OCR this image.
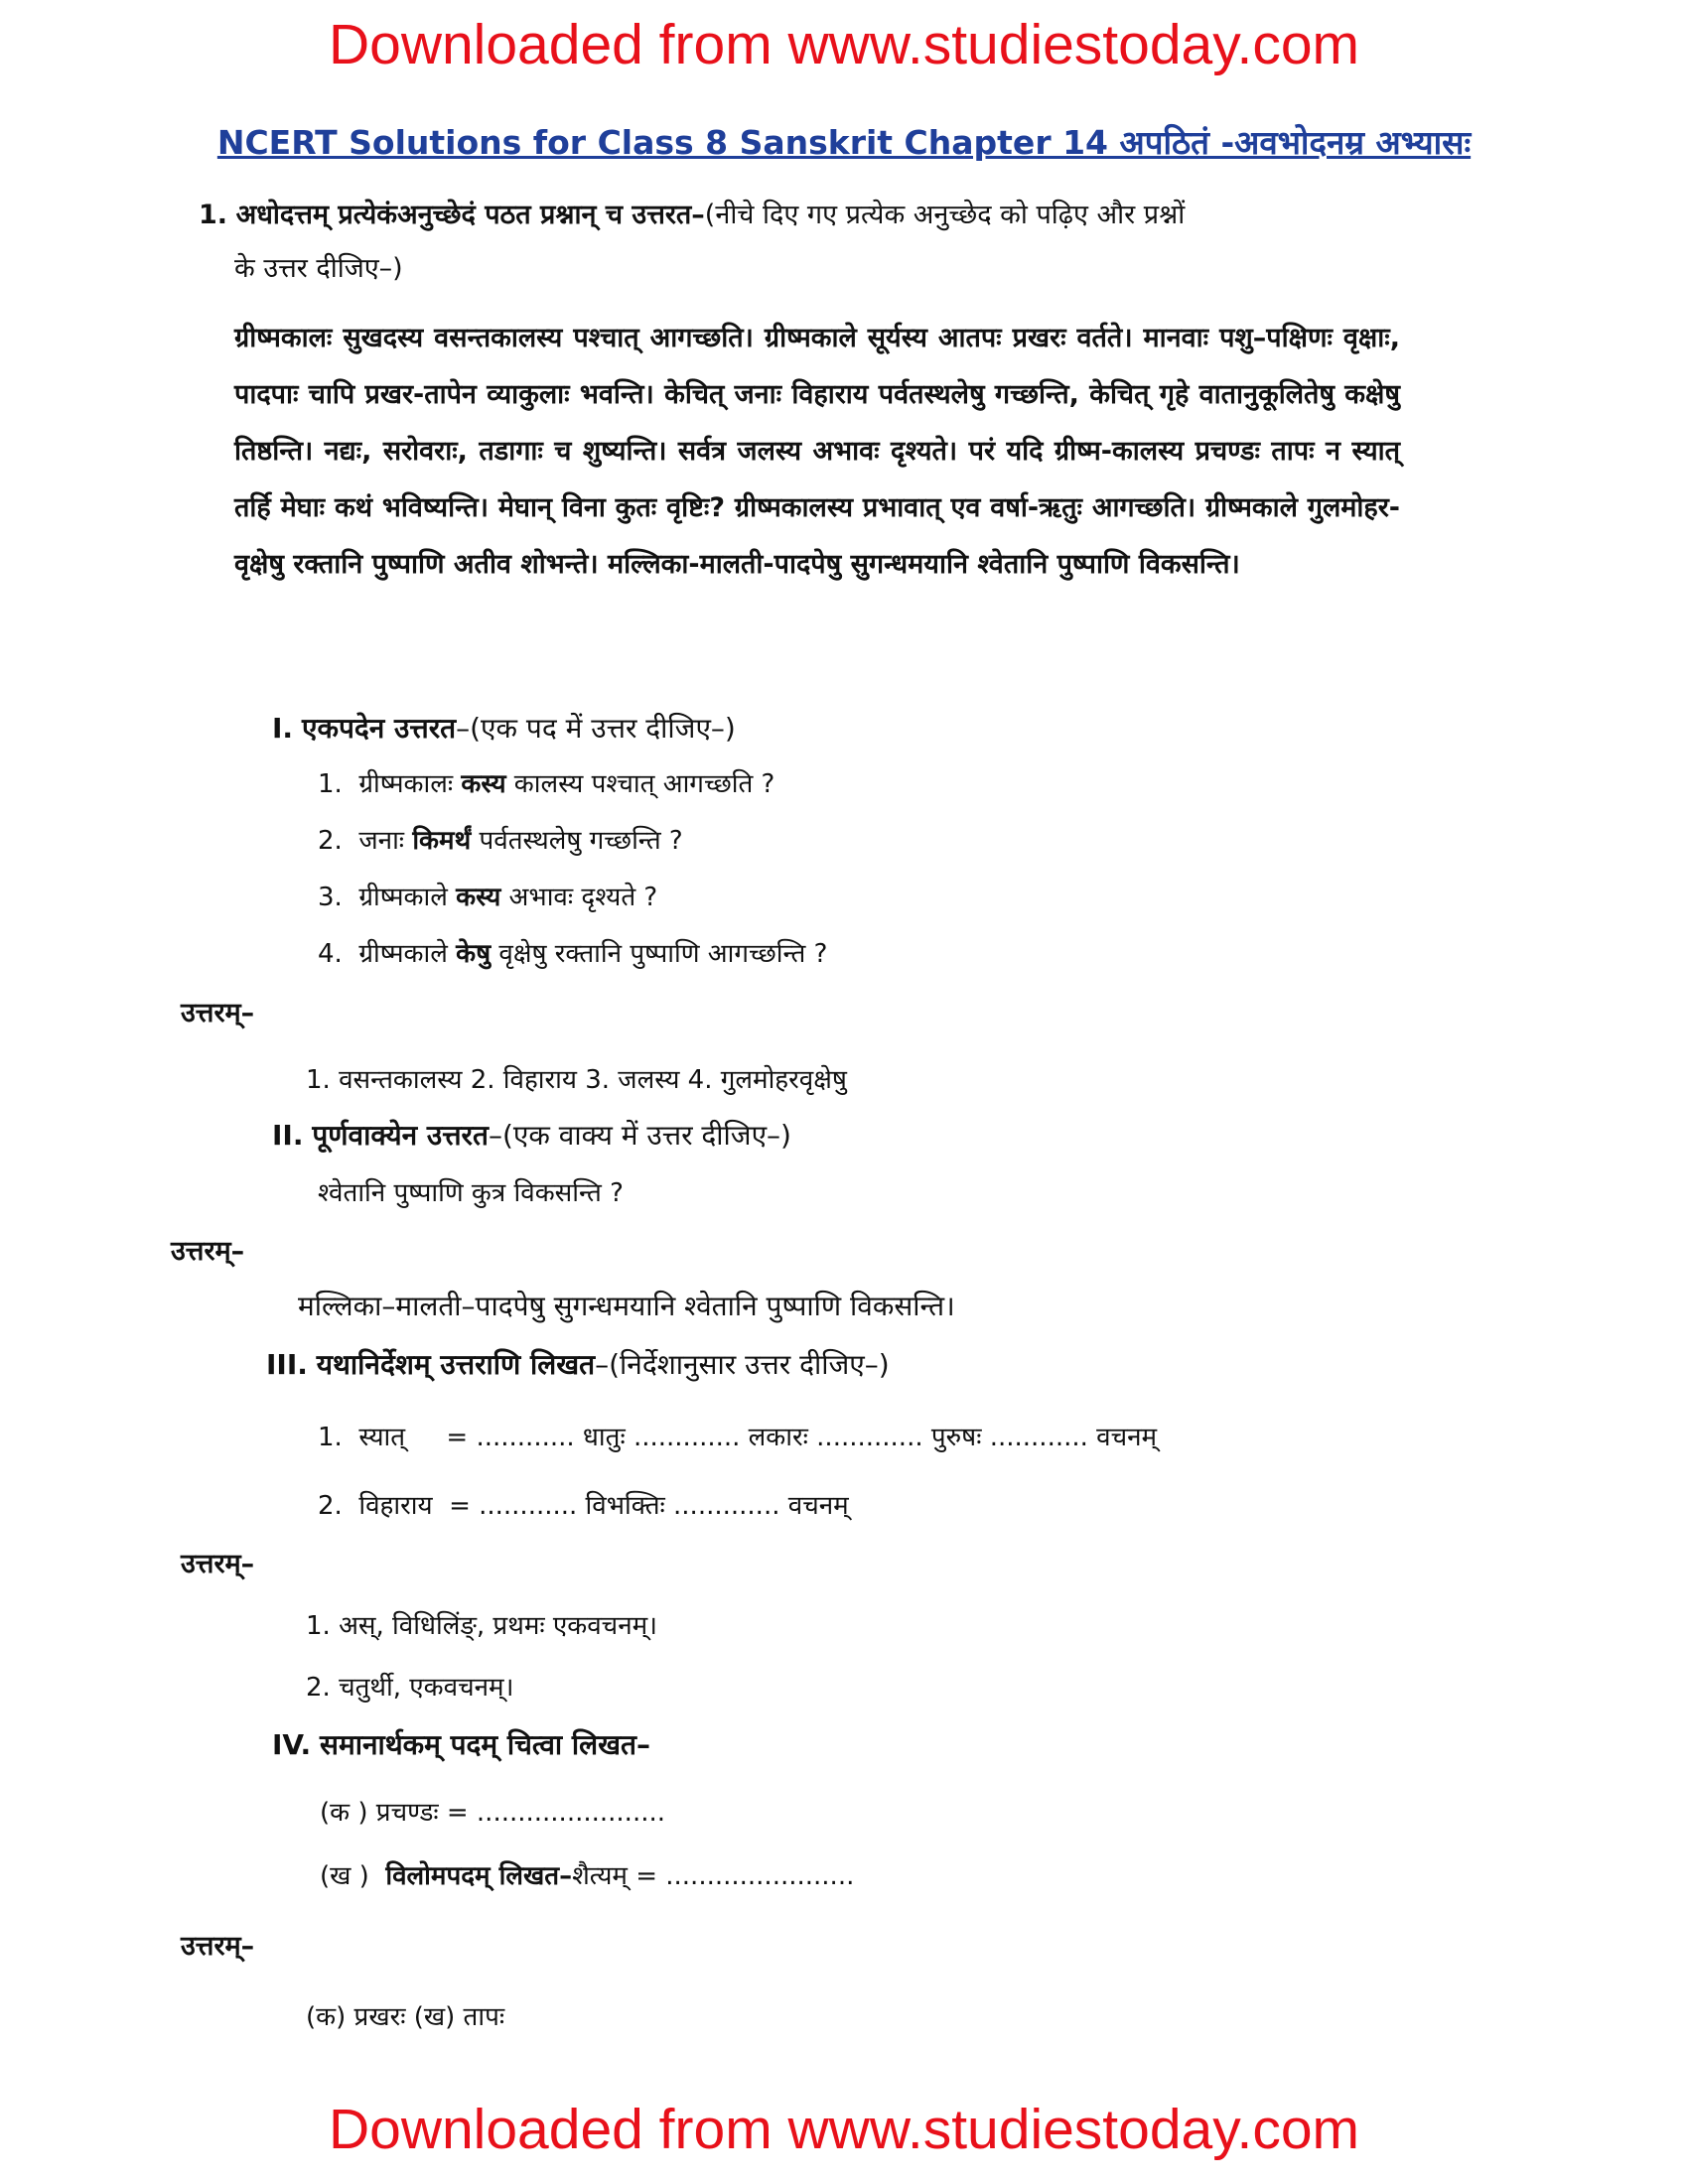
Downloaded from www.studiestoday.com
NCERT Solutions for Class 8 Sanskrit Chapter 14 अपठितं -अवभोदनम्र अभ्यासः
1. अधोदत्तम् प्रत्येकंअनुच्छेदं पठत प्रश्नान् च उत्तरत–(नीचे दिए गए प्रत्येक अनुच्छेद को पढ़िए और प्रश्नों
के उत्तर दीजिए–)
ग्रीष्मकालः सुखदस्य वसन्तकालस्य पश्चात् आगच्छति। ग्रीष्मकाले सूर्यस्य आतपः प्रखरः वर्तते। मानवाः पशु–पक्षिणः वृक्षाः, पादपाः चापि प्रखर-तापेन व्याकुलाः भवन्ति। केचित् जनाः विहाराय पर्वतस्थलेषु गच्छन्ति, केचित् गृहे वातानुकूलितेषु कक्षेषु तिष्ठन्ति। नद्यः, सरोवराः, तडागाः च शुष्यन्ति। सर्वत्र जलस्य अभावः दृश्यते। परं यदि ग्रीष्म-कालस्य प्रचण्डः तापः न स्यात् तर्हि मेघाः कथं भविष्यन्ति। मेघान् विना कुतः वृष्टिः? ग्रीष्मकालस्य प्रभावात् एव वर्षा-ऋतुः आगच्छति। ग्रीष्मकाले गुलमोहर-वृक्षेषु रक्तानि पुष्पाणि अतीव शोभन्ते। मल्लिका-मालती-पादपेषु सुगन्धमयानि श्वेतानि पुष्पाणि विकसन्ति।
I. एकपदेन उत्तरत–(एक पद में उत्तर दीजिए–)
1. ग्रीष्मकालः कस्य कालस्य पश्चात् आगच्छति ?
2. जनाः किमर्थं पर्वतस्थलेषु गच्छन्ति ?
3. ग्रीष्मकाले कस्य अभावः दृश्यते ?
4. ग्रीष्मकाले केषु वृक्षेषु रक्तानि पुष्पाणि आगच्छन्ति ?
उत्तरम्–
1. वसन्तकालस्य 2. विहाराय 3. जलस्य 4. गुलमोहरवृक्षेषु
II. पूर्णवाक्येन उत्तरत–(एक वाक्य में उत्तर दीजिए–)
श्वेतानि पुष्पाणि कुत्र विकसन्ति ?
उत्तरम्–
मल्लिका–मालती–पादपेषु सुगन्धमयानि श्वेतानि पुष्पाणि विकसन्ति।
III. यथानिर्देशम् उत्तराणि लिखत–(निर्देशानुसार उत्तर दीजिए–)
1. स्यात् = ............ धातुः ............. लकारः ............. पुरुषः ............ वचनम्
2. विहाराय = ............ विभक्तिः ............. वचनम्
उत्तरम्–
1. अस्, विधिलिंङ्, प्रथमः एकवचनम्।
2. चतुर्थी, एकवचनम्।
IV. समानार्थकम् पदम् चित्वा लिखत–
(क ) प्रचण्डः = .......................
(ख ) विलोमपदम् लिखत–शैत्यम् = .......................
उत्तरम्–
(क) प्रखरः (ख) तापः
Downloaded from www.studiestoday.com
